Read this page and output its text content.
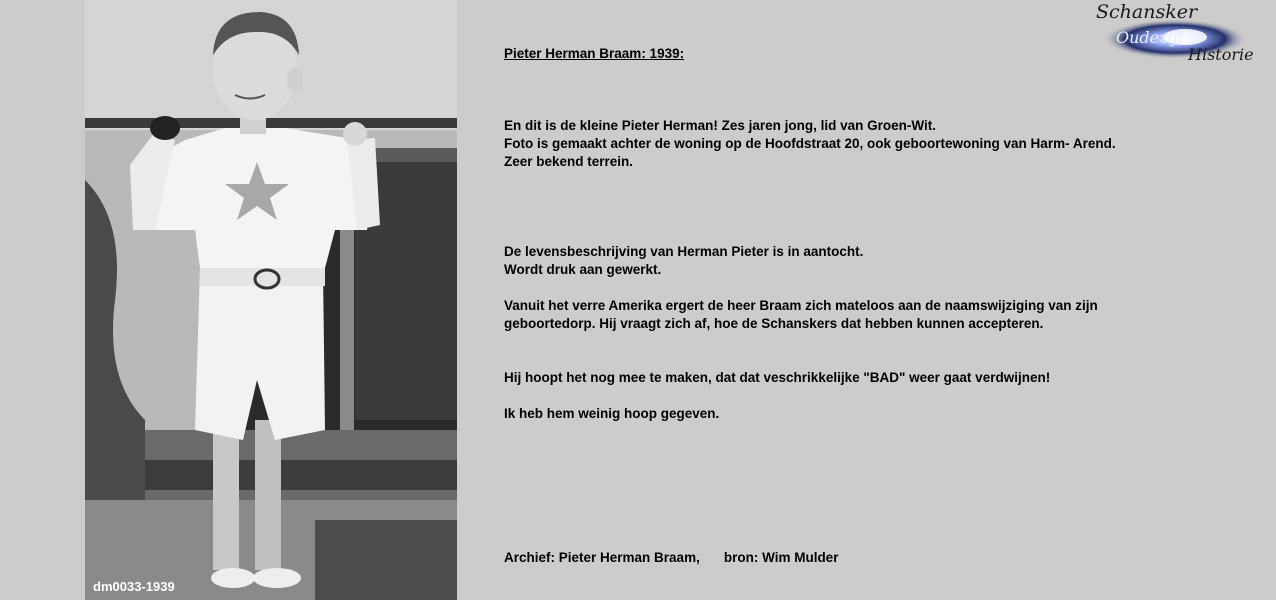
dm0033-1939
Schansker
Oudezijl
Historie
Pieter Herman Braam: 1939:
En dit is de kleine Pieter Herman! Zes jaren jong, lid van Groen-Wit.
Foto is gemaakt achter de woning op de Hoofdstraat 20, ook geboortewoning van Harm- Arend.
Zeer bekend terrein.
De levensbeschrijving van Herman Pieter is in aantocht.
Wordt druk aan gewerkt.
Vanuit het verre Amerika ergert de heer Braam zich mateloos aan de naamswijziging van zijn
geboortedorp. Hij vraagt zich af, hoe de Schanskers dat hebben kunnen accepteren.
Hij hoopt het nog mee te maken, dat dat veschrikkelijke "BAD" weer gaat verdwijnen!
Ik heb hem weinig hoop gegeven.
Archief: Pieter Herman Braam, bron: Wim Mulder
